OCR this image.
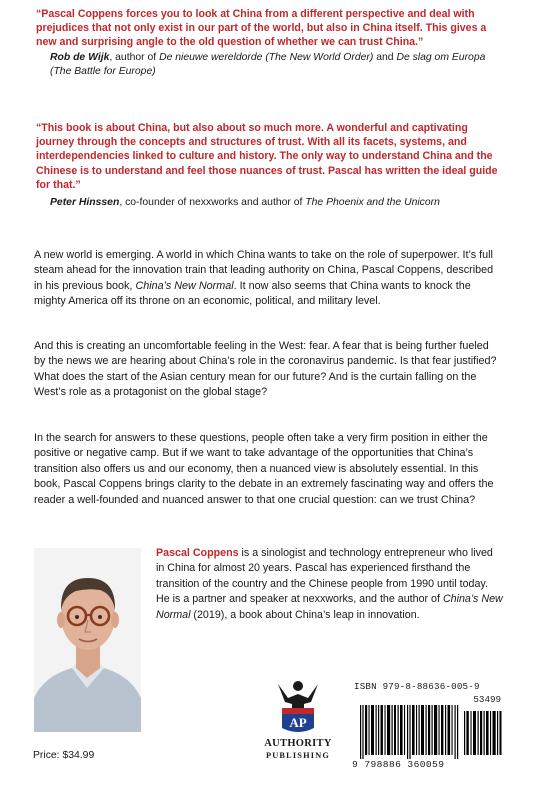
“Pascal Coppens forces you to look at China from a different perspective and deal with prejudices that not only exist in our part of the world, but also in China itself. This gives a new and surprising angle to the old question of whether we can trust China.”
Rob de Wijk, author of De nieuwe wereldorde (The New World Order) and De slag om Europa (The Battle for Europe)
“This book is about China, but also about so much more. A wonderful and captivating journey through the concepts and structures of trust. With all its facets, systems, and interdependencies linked to culture and history. The only way to understand China and the Chinese is to understand and feel those nuances of trust. Pascal has written the ideal guide for that.”
Peter Hinssen, co-founder of nexxworks and author of The Phoenix and the Unicorn
A new world is emerging. A world in which China wants to take on the role of superpower. It’s full steam ahead for the innovation train that leading authority on China, Pascal Coppens, described in his previous book, China’s New Normal. It now also seems that China wants to knock the mighty America off its throne on an economic, political, and military level.
And this is creating an uncomfortable feeling in the West: fear. A fear that is being further fueled by the news we are hearing about China’s role in the coronavirus pandemic. Is that fear justified? What does the start of the Asian century mean for our future? And is the curtain falling on the West’s role as a protagonist on the global stage?
In the search for answers to these questions, people often take a very firm position in either the positive or negative camp. But if we want to take advantage of the opportunities that China’s transition also offers us and our economy, then a nuanced view is absolutely essential. In this book, Pascal Coppens brings clarity to the debate in an extremely fascinating way and offers the reader a well-founded and nuanced answer to that one crucial question: can we trust China?
Pascal Coppens is a sinologist and technology entrepreneur who lived in China for almost 20 years. Pascal has experienced firsthand the transition of the country and the Chinese people from 1990 until today. He is a partner and speaker at nexxworks, and the author of China’s New Normal (2019), a book about China’s leap in innovation.
AP
AUTHORITY
PUBLISHING
Price: $34.99
ISBN 979-8-88636-005-9
53499
9 798886 360059
